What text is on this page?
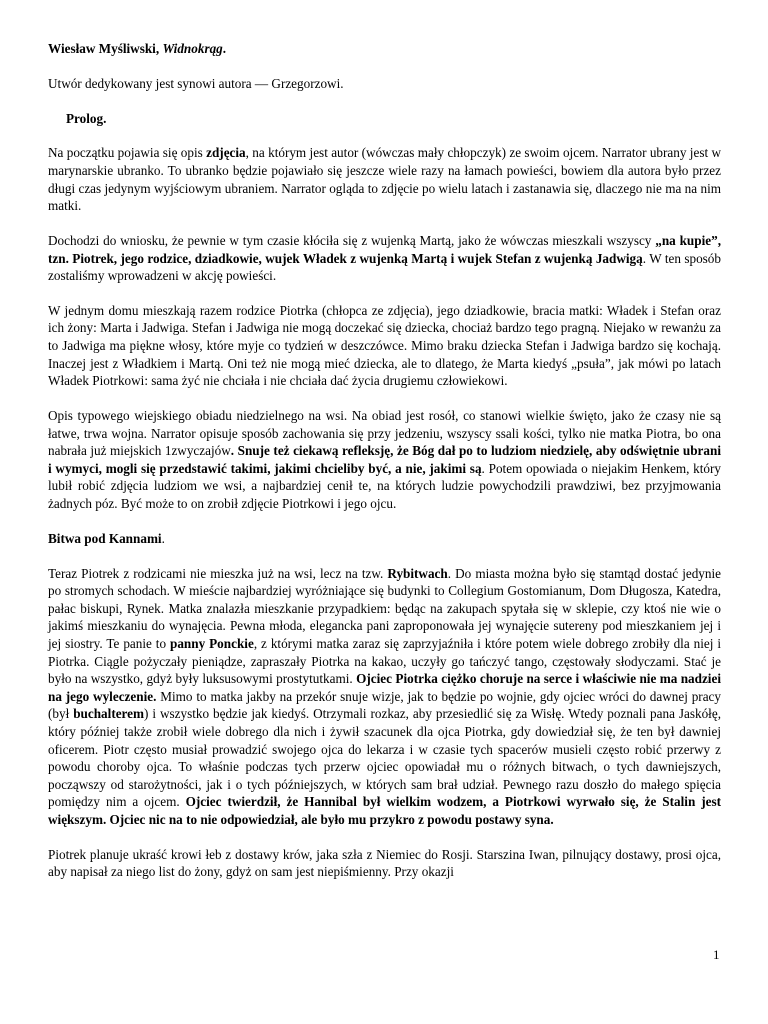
Wiesław Myśliwski, Widnokrąg.

Utwór dedykowany jest synowi autora — Grzegorzowi.

Prolog.

Na początku pojawia się opis zdjęcia, na którym jest autor (wówczas mały chłopczyk) ze swoim ojcem. Narrator ubrany jest w marynarskie ubranko. To ubranko będzie pojawiało się jeszcze wiele razy na łamach powieści, bowiem dla autora było przez długi czas jedynym wyjściowym ubraniem. Narrator ogląda to zdjęcie po wielu latach i zastanawia się, dlaczego nie ma na nim matki.

Dochodzi do wniosku, że pewnie w tym czasie kłóciła się z wujenką Martą, jako że wówczas mieszkali wszyscy „na kupie”, tzn. Piotrek, jego rodzice, dziadkowie, wujek Władek z wujenką Martą i wujek Stefan z wujenką Jadwigą. W ten sposób zostaliśmy wprowadzeni w akcję powieści.

W jednym domu mieszkają razem rodzice Piotrka (chłopca ze zdjęcia), jego dziadkowie, bracia matki: Władek i Stefan oraz ich żony: Marta i Jadwiga. Stefan i Jadwiga nie mogą doczekać się dziecka, chociaż bardzo tego pragną. Niejako w rewanżu za to Jadwiga ma piękne włosy, które myje co tydzień w deszczówce. Mimo braku dziecka Stefan i Jadwiga bardzo się kochają. Inaczej jest z Władkiem i Martą. Oni też nie mogą mieć dziecka, ale to dlatego, że Marta kiedyś „psuła”, jak mówi po latach Władek Piotrkowi: sama żyć nie chciała i nie chciała dać życia drugiemu człowiekowi.

Opis typowego wiejskiego obiadu niedzielnego na wsi. Na obiad jest rosół, co stanowi wielkie święto, jako że czasy nie są łatwe, trwa wojna. Narrator opisuje sposób zachowania się przy jedzeniu, wszyscy ssali kości, tylko nie matka Piotra, bo ona nabrała już miejskich 1zwyczajów. Snuje też ciekawą refleksję, że Bóg dał po to ludziom niedzielę, aby odświętnie ubrani i wymyci, mogli się przedstawić takimi, jakimi chcieliby być, a nie, jakimi są. Potem opowiada o niejakim Henkem, który lubił robić zdjęcia ludziom we wsi, a najbardziej cenił te, na których ludzie powychodzili prawdziwi, bez przyjmowania żadnych póz. Być może to on zrobił zdjęcie Piotrkowi i jego ojcu.

Bitwa pod Kannami.

Teraz Piotrek z rodzicami nie mieszka już na wsi, lecz na tzw. Rybitwach. Do miasta można było się stamtąd dostać jedynie po stromych schodach. W mieście najbardziej wyróżniające się budynki to Collegium Gostomianum, Dom Długosza, Katedra, pałac biskupi, Rynek. Matka znalazła mieszkanie przypadkiem: będąc na zakupach spytała się w sklepie, czy ktoś nie wie o jakimś mieszkaniu do wynajęcia. Pewna młoda, elegancka pani zaproponowała jej wynajęcie sutereny pod mieszkaniem jej i jej siostry. Te panie to panny Ponckie, z którymi matka zaraz się zaprzyjaźniła i które potem wiele dobrego zrobiły dla niej i Piotrka. Ciągle pożyczały pieniądze, zapraszały Piotrka na kakao, uczyły go tańczyć tango, częstowały słodyczami. Stać je było na wszystko, gdyż były luksusowymi prostytutkami. Ojciec Piotrka ciężko choruje na serce i właściwie nie ma nadziei na jego wyleczenie. Mimo to matka jakby na przekór snuje wizje, jak to będzie po wojnie, gdy ojciec wróci do dawnej pracy (był buchalterem) i wszystko będzie jak kiedyś. Otrzymali rozkaz, aby przesiedlić się za Wisłę. Wtedy poznali pana Jaskółę, który później także zrobił wiele dobrego dla nich i żywił szacunek dla ojca Piotrka, gdy dowiedział się, że ten był dawniej oficerem. Piotr często musiał prowadzić swojego ojca do lekarza i w czasie tych spacerów musieli często robić przerwy z powodu choroby ojca. To właśnie podczas tych przerw ojciec opowiadał mu o różnych bitwach, o tych dawniejszych, począwszy od starożytności, jak i o tych późniejszych, w których sam brał udział. Pewnego razu doszło do małego spięcia pomiędzy nim a ojcem. Ojciec twierdził, że Hannibal był wielkim wodzem, a Piotrkowi wyrwało się, że Stalin jest większym. Ojciec nic na to nie odpowiedział, ale było mu przykro z powodu postawy syna.

Piotrek planuje ukraść krowi łeb z dostawy krów, jaka szła z Niemiec do Rosji. Starszina Iwan, pilnujący dostawy, prosi ojca, aby napisał za niego list do żony, gdyż on sam jest niepiśmienny. Przy okazji

1
